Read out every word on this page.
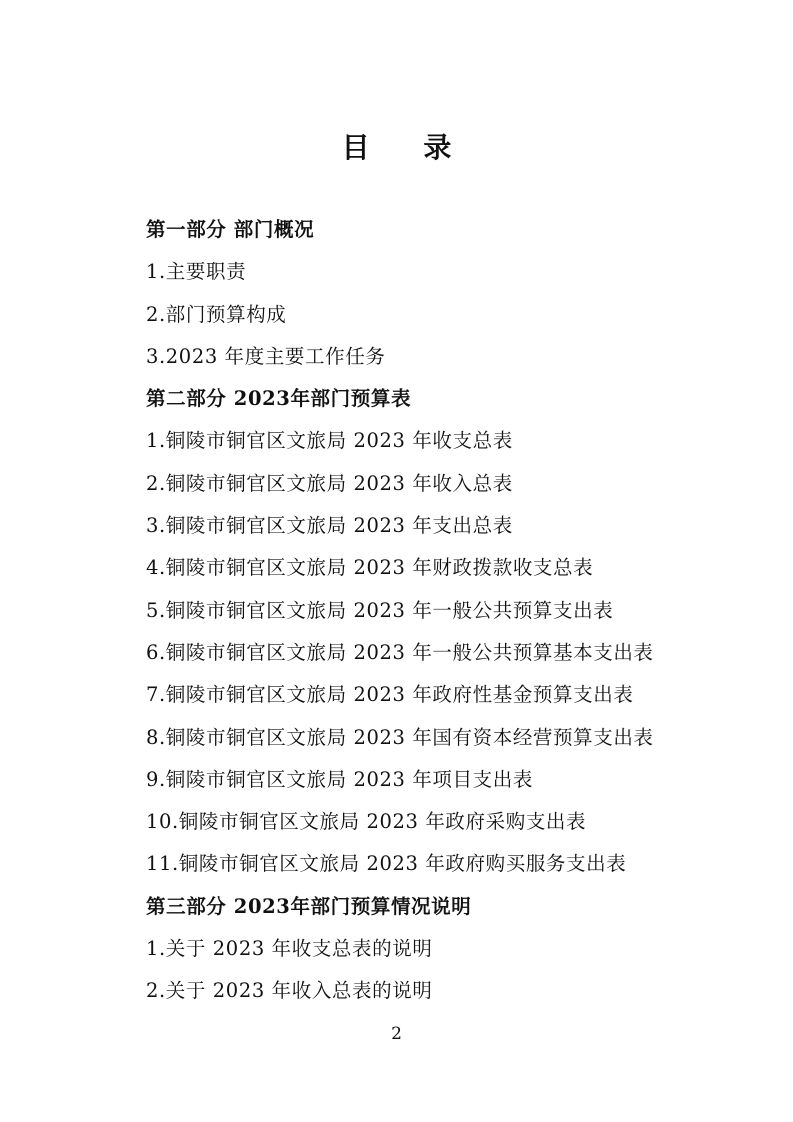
目 录
第一部分 部门概况
1.主要职责
2.部门预算构成
3.2023 年度主要工作任务
第二部分 2023年部门预算表
1.铜陵市铜官区文旅局 2023 年收支总表
2.铜陵市铜官区文旅局 2023 年收入总表
3.铜陵市铜官区文旅局 2023 年支出总表
4.铜陵市铜官区文旅局 2023 年财政拨款收支总表
5.铜陵市铜官区文旅局 2023 年一般公共预算支出表
6.铜陵市铜官区文旅局 2023 年一般公共预算基本支出表
7.铜陵市铜官区文旅局 2023 年政府性基金预算支出表
8.铜陵市铜官区文旅局 2023 年国有资本经营预算支出表
9.铜陵市铜官区文旅局 2023 年项目支出表
10.铜陵市铜官区文旅局 2023 年政府采购支出表
11.铜陵市铜官区文旅局 2023 年政府购买服务支出表
第三部分 2023年部门预算情况说明
1.关于 2023 年收支总表的说明
2.关于 2023 年收入总表的说明
2
